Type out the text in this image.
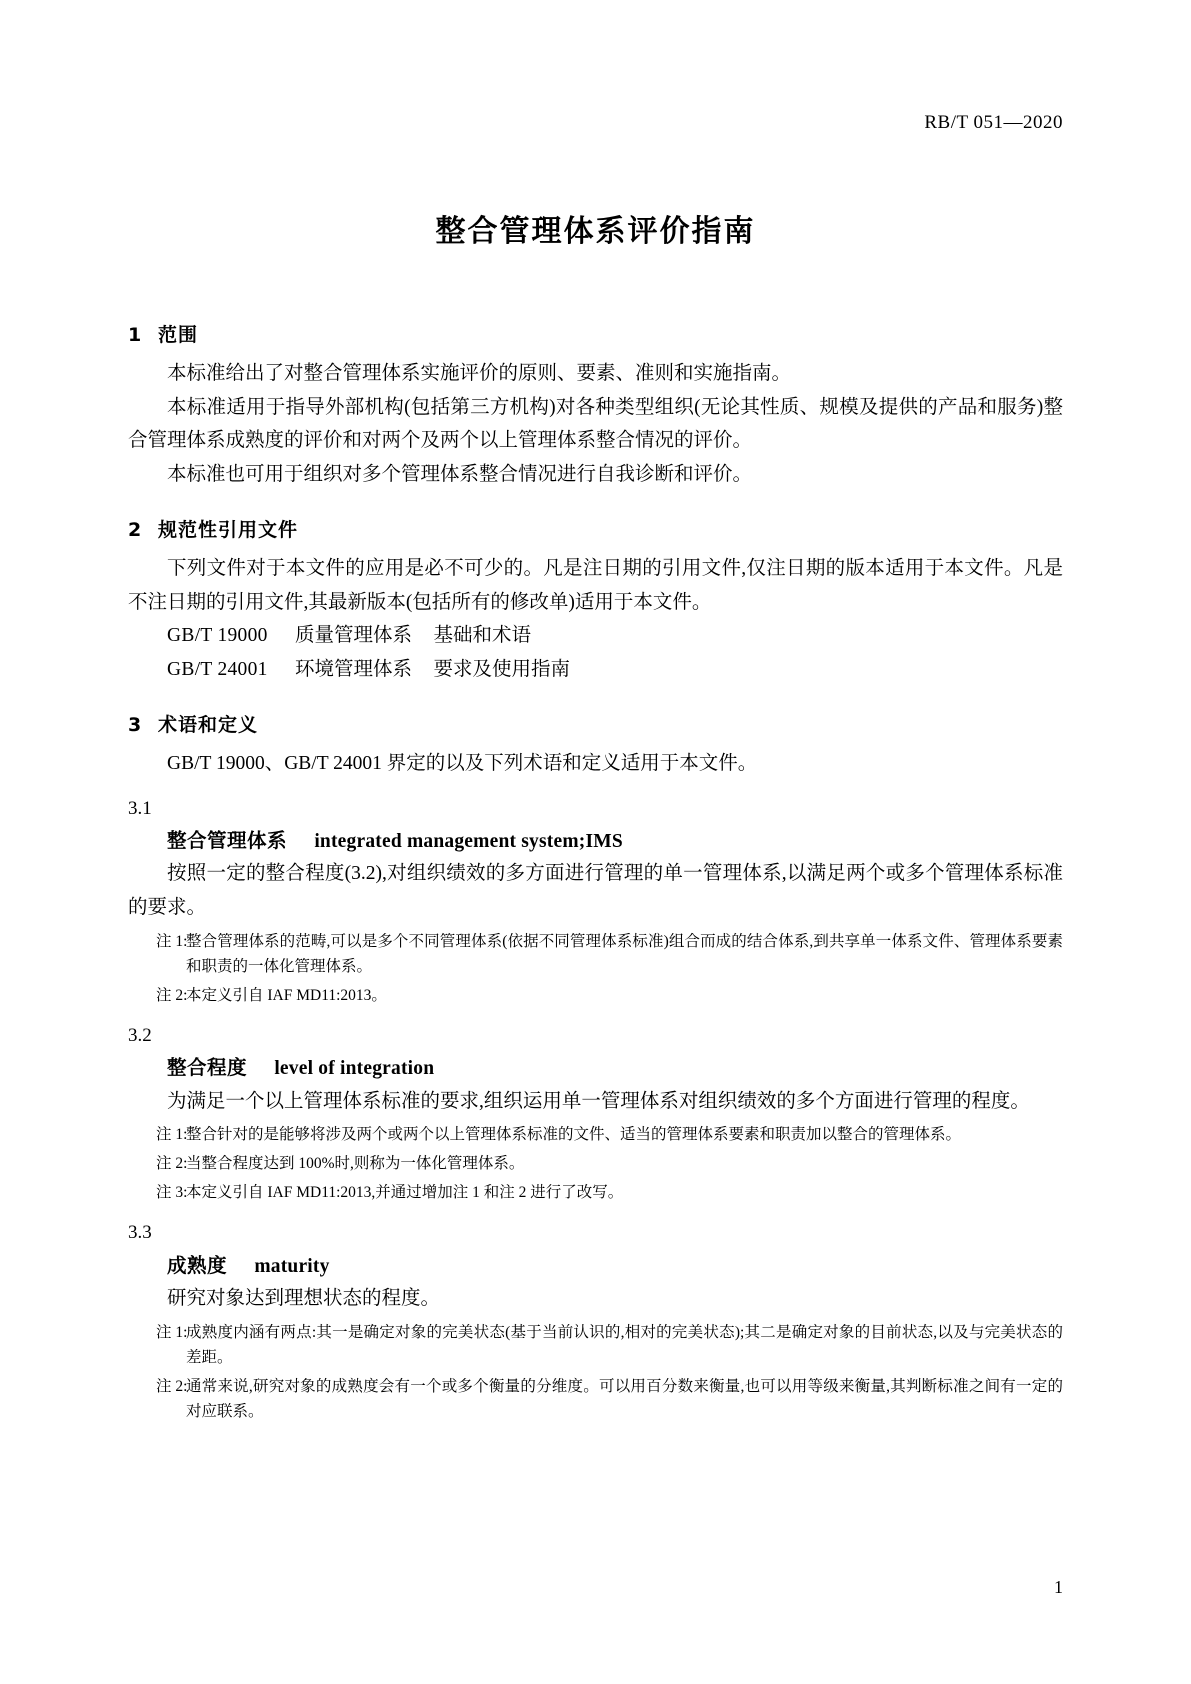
RB/T 051—2020
整合管理体系评价指南
1 范围

本标准给出了对整合管理体系实施评价的原则、要素、准则和实施指南。

本标准适用于指导外部机构(包括第三方机构)对各种类型组织(无论其性质、规模及提供的产品和服务)整合管理体系成熟度的评价和对两个及两个以上管理体系整合情况的评价。

本标准也可用于组织对多个管理体系整合情况进行自我诊断和评价。

2 规范性引用文件

下列文件对于本文件的应用是必不可少的。凡是注日期的引用文件,仅注日期的版本适用于本文件。凡是不注日期的引用文件,其最新版本(包括所有的修改单)适用于本文件。

GB/T 19000 质量管理体系 基础和术语

GB/T 24001 环境管理体系 要求及使用指南

3 术语和定义

GB/T 19000、GB/T 24001 界定的以及下列术语和定义适用于本文件。

3.1
整合管理体系 integrated management system;IMS

按照一定的整合程度(3.2),对组织绩效的多方面进行管理的单一管理体系,以满足两个或多个管理体系标准的要求。

注 1:
整合管理体系的范畴,可以是多个不同管理体系(依据不同管理体系标准)组合而成的结合体系,到共享单一体系文件、管理体系要素和职责的一体化管理体系。

注 2:
本定义引自 IAF MD11:2013。

3.2
整合程度 level of integration

为满足一个以上管理体系标准的要求,组织运用单一管理体系对组织绩效的多个方面进行管理的程度。

注 1:
整合针对的是能够将涉及两个或两个以上管理体系标准的文件、适当的管理体系要素和职责加以整合的管理体系。

注 2:
当整合程度达到 100%时,则称为一体化管理体系。

注 3:
本定义引自 IAF MD11:2013,并通过增加注 1 和注 2 进行了改写。

3.3
成熟度 maturity

研究对象达到理想状态的程度。

注 1:
成熟度内涵有两点:其一是确定对象的完美状态(基于当前认识的,相对的完美状态);其二是确定对象的目前状态,以及与完美状态的差距。

注 2:
通常来说,研究对象的成熟度会有一个或多个衡量的分维度。可以用百分数来衡量,也可以用等级来衡量,其判断标准之间有一定的对应联系。

1
